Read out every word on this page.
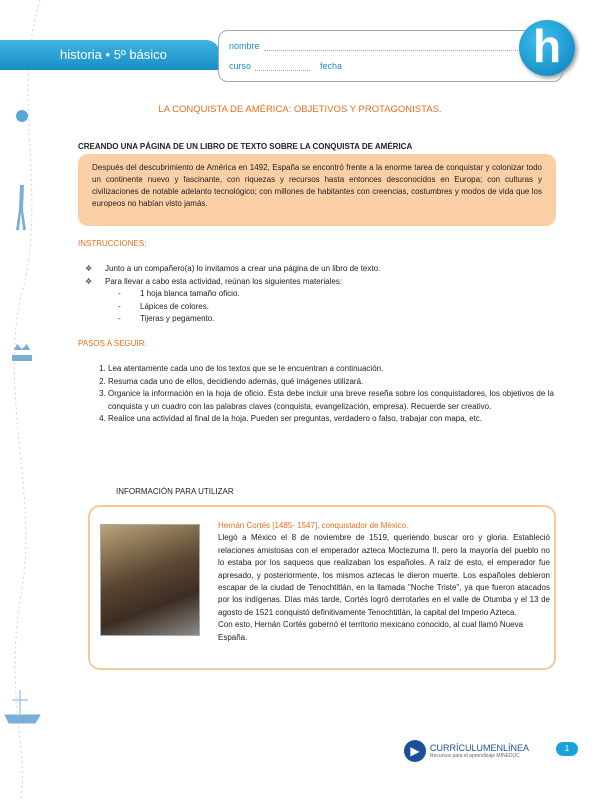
historia • 5º básico
nombre
curso	fecha	h
LA CONQUISTA DE AMÉRICA: OBJETIVOS Y PROTAGONISTAS.
CREANDO UNA PÁGINA DE UN LIBRO DE TEXTO SOBRE LA CONQUISTA DE AMÉRICA
Después del descubrimiento de América en 1492, España se encontró frente a la enorme tarea de conquistar y colonizar todo un continente nuevo y fascinante, con riquezas y recursos hasta entonces desconocidos en Europa; con culturas y civilizaciones de notable adelanto tecnológico; con millones de habitantes con creencias, costumbres y modos de vida que los europeos no habían visto jamás.
INSTRUCCIONES:
❖ Junto a un compañero(a) lo invitamos a crear una página de un libro de texto.
❖ Para llevar a cabo esta actividad, reúnan los siguientes materiales:
- 1 hoja blanca tamaño oficio.
- Lápices de colores.
- Tijeras y pegamento.
PASOS A SEGUIR:
1. Lea atentamente cada uno de los textos que se le encuentran a continuación.
2. Resuma cada uno de ellos, decidiendo además, qué imágenes utilizará.
3. Organice la información en la hoja de oficio. Ésta debe incluir una breve reseña sobre los conquistadores, los objetivos de la conquista y un cuadro con las palabras claves (conquista, evangelización, empresa). Recuerde ser creativo.
4. Realice una actividad al final de la hoja. Pueden ser preguntas, verdadero o falso, trabajar con mapa, etc.
INFORMACIÓN PARA UTILIZAR
Hernán Cortés [1485- 1547], conquistador de México.
Llegó a México el 8 de noviembre de 1519, queriendo buscar oro y gloria. Estableció relaciones amistosas con el emperador azteca Moctezuma II, pero la mayoría del pueblo no lo estaba por los saqueos que realizaban los españoles. A raíz de esto, el emperador fue apresado, y posteriormente, los mismos aztecas le dieron muerte. Los españoles debieron escapar de la ciudad de Tenochtitlán, en la llamada "Noche Triste", ya que fueron atacados por los indígenas. Días más tarde, Cortés logró derrotarles en el valle de Otumba y el 13 de agosto de 1521 conquistó definitivamente Tenochtitlán, la capital del Imperio Azteca.
Con esto, Hernán Cortés gobernó el territorio mexicano conocido, al cual llamó Nueva España.
▶	CURRÍCULUMENLÍNEA
Recursos para el aprendizaje MINEDUC
1
